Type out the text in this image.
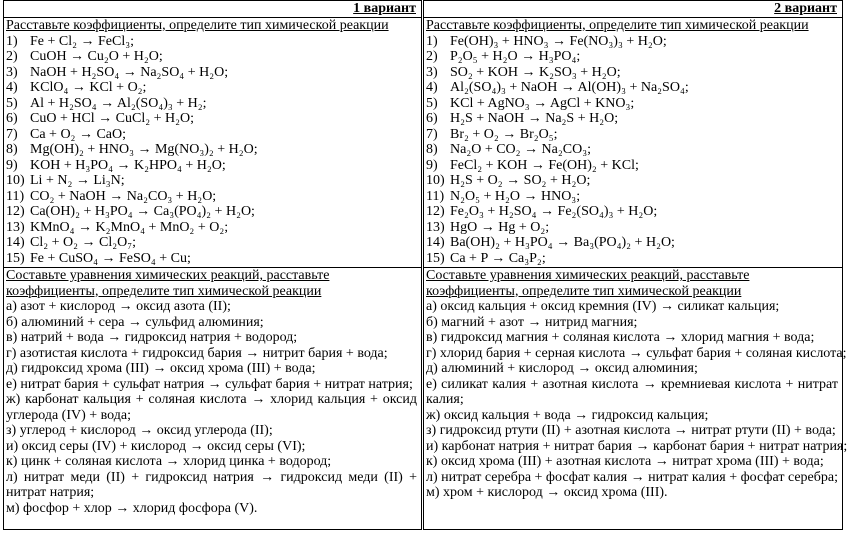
1 вариант
Расставьте коэффициенты, определите тип химической реакции
1) Fe + Cl₂ → FeCl₃;
2) CuOH → Cu₂O + H₂O;
3) NaOH + H₂SO₄ → Na₂SO₄ + H₂O;
4) KClO₄ → KCl + O₂;
5) Al + H₂SO₄ → Al₂(SO₄)₃ + H₂;
6) CuO + HCl → CuCl₂ + H₂O;
7) Ca + O₂ → CaO;
8) Mg(OH)₂ + HNO₃ → Mg(NO₃)₂ + H₂O;
9) KOH + H₃PO₄ → K₂HPO₄ + H₂O;
10) Li + N₂ → Li₃N;
11) CO₂ + NaOH → Na₂CO₃ + H₂O;
12) Ca(OH)₂ + H₃PO₄ → Ca₃(PO₄)₂ + H₂O;
13) KMnO₄ → K₂MnO₄ + MnO₂ + O₂;
14) Cl₂ + O₂ → Cl₂O₇;
15) Fe + CuSO₄ → FeSO₄ + Cu;
Составьте уравнения химических реакций, расставьте коэффициенты, определите тип химической реакции
а) азот + кислород → оксид азота (II);
б) алюминий + сера → сульфид алюминия;
в) натрий + вода → гидроксид натрия + водород;
г) азотистая кислота + гидроксид бария → нитрит бария + вода;
д) гидроксид хрома (III) → оксид хрома (III) + вода;
е) нитрат бария + сульфат натрия → сульфат бария + нитрат натрия;
ж) карбонат кальция + соляная кислота → хлорид кальция + оксид углерода (IV) + вода;
з) углерод + кислород → оксид углерода (II);
и) оксид серы (IV) + кислород → оксид серы (VI);
к) цинк + соляная кислота → хлорид цинка + водород;
л) нитрат меди (II) + гидроксид натрия → гидроксид меди (II) + нитрат натрия;
м) фосфор + хлор → хлорид фосфора (V).
2 вариант
Расставьте коэффициенты, определите тип химической реакции
1) Fe(OH)₃ + HNO₃ → Fe(NO₃)₃ + H₂O;
2) P₂O₅ + H₂O → H₃PO₄;
3) SO₂ + KOH → K₂SO₃ + H₂O;
4) Al₂(SO₄)₃ + NaOH → Al(OH)₃ + Na₂SO₄;
5) KCl + AgNO₃ → AgCl + KNO₃;
6) H₂S + NaOH → Na₂S + H₂O;
7) Br₂ + O₂ → Br₂O₅;
8) Na₂O + CO₂ → Na₂CO₃;
9) FeCl₂ + KOH → Fe(OH)₂ + KCl;
10) H₂S + O₂ → SO₂ + H₂O;
11) N₂O₅ + H₂O → HNO₃;
12) Fe₂O₃ + H₂SO₄ → Fe₂(SO₄)₃ + H₂O;
13) HgO → Hg + O₂;
14) Ba(OH)₂ + H₃PO₄ → Ba₃(PO₄)₂ + H₂O;
15) Ca + P → Ca₃P₂;
Составьте уравнения химических реакций, расставьте коэффициенты, определите тип химической реакции
а) оксид кальция + оксид кремния (IV) → силикат кальция;
б) магний + азот → нитрид магния;
в) гидроксид магния + соляная кислота → хлорид магния + вода;
г) хлорид бария + серная кислота → сульфат бария + соляная кислота;
д) алюминий + кислород → оксид алюминия;
е) силикат калия + азотная кислота → кремниевая кислота + нитрат калия;
ж) оксид кальция + вода → гидроксид кальция;
з) гидроксид ртути (II) + азотная кислота → нитрат ртути (II) + вода;
и) карбонат натрия + нитрат бария → карбонат бария + нитрат натрия;
к) оксид хрома (III) + азотная кислота → нитрат хрома (III) + вода;
л) нитрат серебра + фосфат калия → нитрат калия + фосфат серебра;
м) хром + кислород → оксид хрома (III).
